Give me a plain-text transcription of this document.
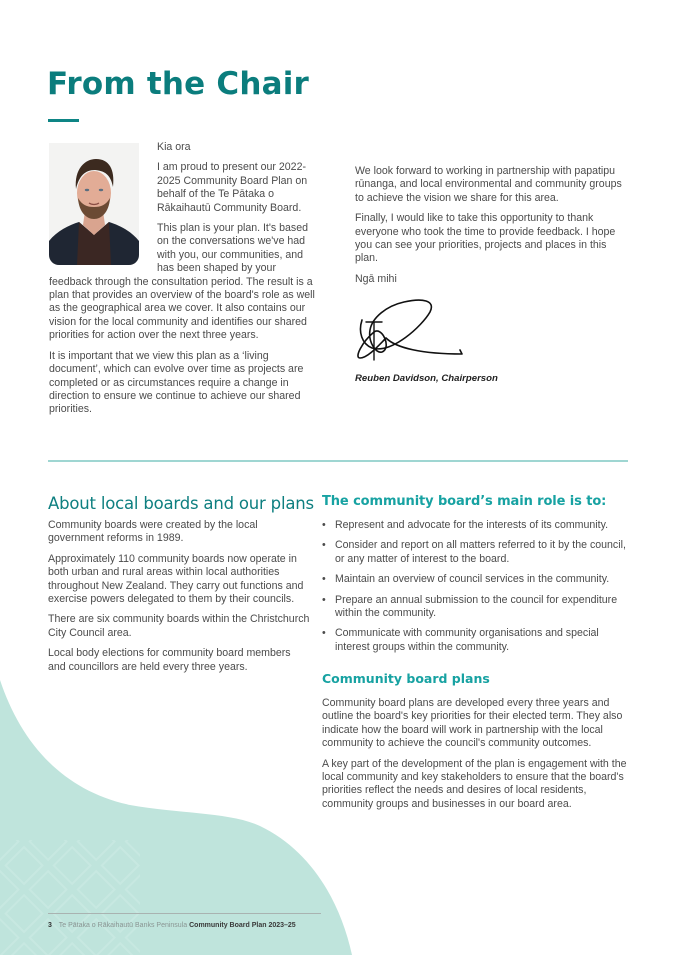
From the Chair

Kia ora

I am proud to present our 2022-2025 Community Board Plan on behalf of the Te Pātaka o Rākaihautū Community Board.

This plan is your plan. It's based on the conversations we've had with you, our communities, and has been shaped by your feedback through the consultation period. The result is a plan that provides an overview of the board's role as well as the geographical area we cover. It also contains our vision for the local community and identifies our shared priorities for action over the next three years.

It is important that we view this plan as a ‘living document’, which can evolve over time as projects are completed or as circumstances require a change in direction to ensure we continue to achieve our shared priorities.

We look forward to working in partnership with papatipu rūnanga, and local environmental and community groups to achieve the vision we share for this area.

Finally, I would like to take this opportunity to thank everyone who took the time to provide feedback. I hope you can see your priorities, projects and places in this plan.

Ngā mihi

Reuben Davidson, Chairperson
About local boards and our plans

Community boards were created by the local government reforms in 1989.

Approximately 110 community boards now operate in both urban and rural areas within local authorities throughout New Zealand. They carry out functions and exercise powers delegated to them by their councils.

There are six community boards within the Christchurch City Council area.

Local body elections for community board members and councillors are held every three years.

The community board’s main role is to:
• Represent and advocate for the interests of its community.
• Consider and report on all matters referred to it by the council, or any matter of interest to the board.
• Maintain an overview of council services in the community.
• Prepare an annual submission to the council for expenditure within the community.
• Communicate with community organisations and special interest groups within the community.
Community board plans

Community board plans are developed every three years and outline the board's key priorities for their elected term. They also indicate how the board will work in partnership with the local community to achieve the council's community outcomes.

A key part of the development of the plan is engagement with the local community and key stakeholders to ensure that the board's priorities reflect the needs and desires of local residents, community groups and businesses in our board area.

3 Te Pātaka o Rākaihautū Banks Peninsula Community Board Plan 2023–25
